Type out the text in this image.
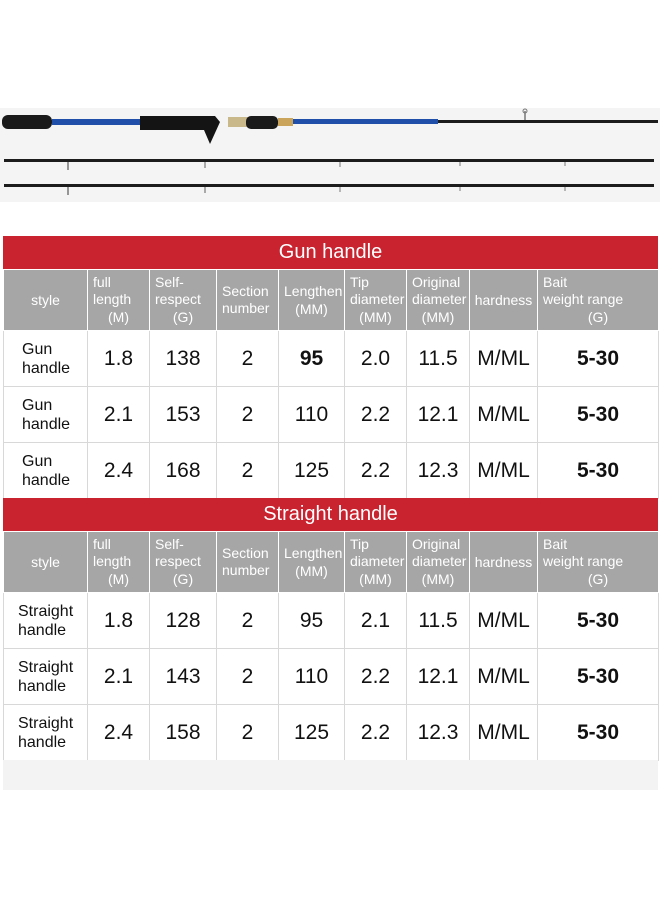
Gun handle
style	full
length
(M)	Self-
respect
(G)	Section
number	Lengthen
(MM)	Tip
diameter
(MM)	Original
diameter
(MM)	hardness	Bait
weight range
(G)

Gun
handle	1.8	138	2	95	2.0	11.5	M/ML	5-30
Gun
handle	2.1	153	2	110	2.2	12.1	M/ML	5-30
Gun
handle	2.4	168	2	125	2.2	12.3	M/ML	5-30
Straight handle
style	full
length
(M)	Self-
respect
(G)	Section
number	Lengthen
(MM)	Tip
diameter
(MM)	Original
diameter
(MM)	hardness	Bait
weight range
(G)

Straight
handle	1.8	128	2	95	2.1	11.5	M/ML	5-30
Straight
handle	2.1	143	2	110	2.2	12.1	M/ML	5-30
Straight
handle	2.4	158	2	125	2.2	12.3	M/ML	5-30
